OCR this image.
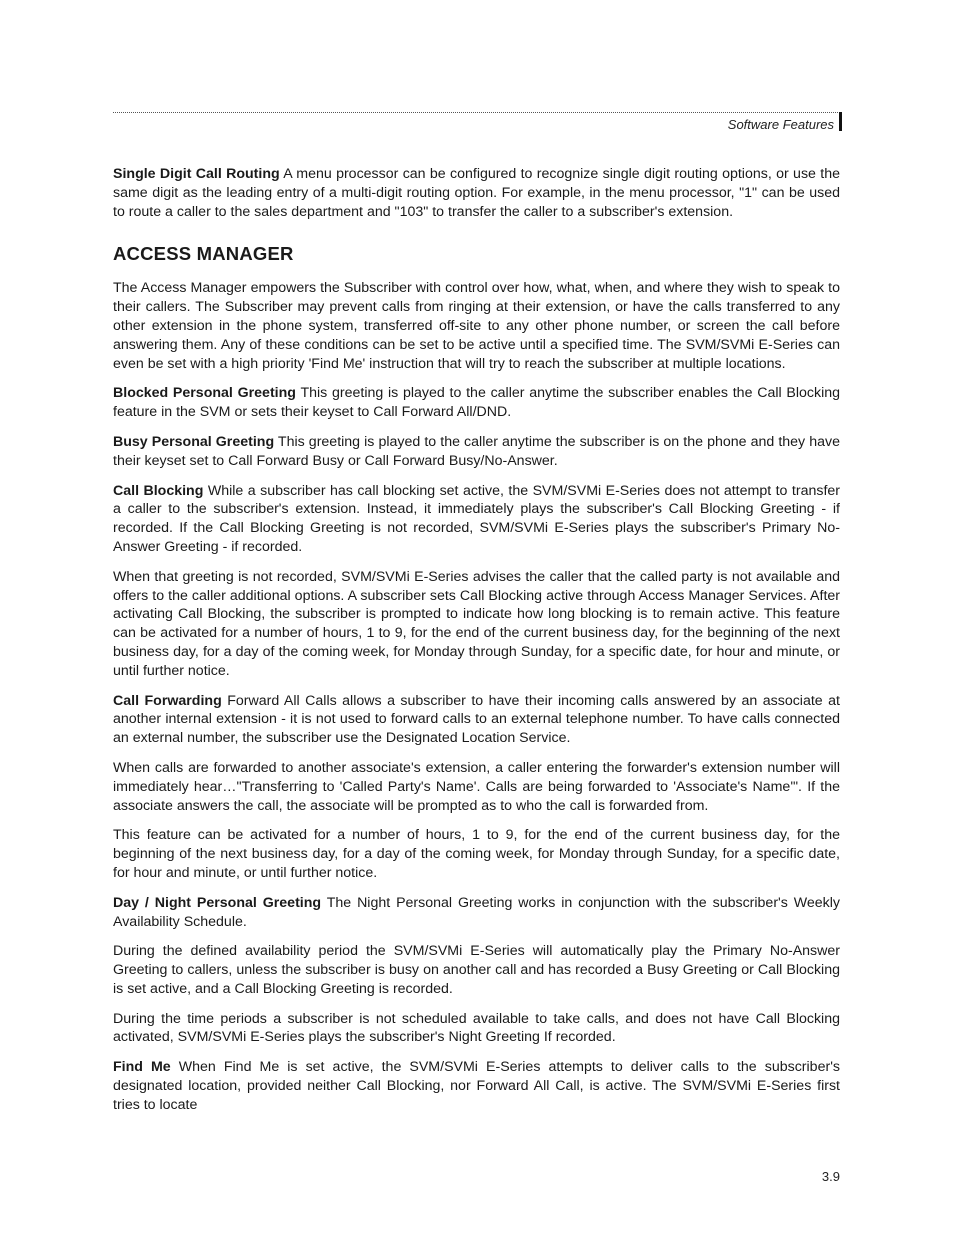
Software Features

Single Digit Call Routing A menu processor can be configured to recognize single digit routing options, or use the same digit as the leading entry of a multi-digit routing option. For example, in the menu processor, "1" can be used to route a caller to the sales department and "103" to transfer the caller to a subscriber's extension.

ACCESS MANAGER

The Access Manager empowers the Subscriber with control over how, what, when, and where they wish to speak to their callers. The Subscriber may prevent calls from ringing at their extension, or have the calls transferred to any other extension in the phone system, transferred off-site to any other phone number, or screen the call before answering them. Any of these conditions can be set to be active until a specified time. The SVM/SVMi E-Series can even be set with a high priority 'Find Me' instruction that will try to reach the subscriber at multiple locations.

Blocked Personal Greeting This greeting is played to the caller anytime the subscriber enables the Call Blocking feature in the SVM or sets their keyset to Call Forward All/DND.

Busy Personal Greeting This greeting is played to the caller anytime the subscriber is on the phone and they have their keyset set to Call Forward Busy or Call Forward Busy/No-Answer.

Call Blocking While a subscriber has call blocking set active, the SVM/SVMi E-Series does not attempt to transfer a caller to the subscriber's extension. Instead, it immediately plays the subscriber's Call Blocking Greeting - if recorded. If the Call Blocking Greeting is not recorded, SVM/SVMi E-Series plays the subscriber's Primary No-Answer Greeting - if recorded.

When that greeting is not recorded, SVM/SVMi E-Series advises the caller that the called party is not available and offers to the caller additional options. A subscriber sets Call Blocking active through Access Manager Services. After activating Call Blocking, the subscriber is prompted to indicate how long blocking is to remain active. This feature can be activated for a number of hours, 1 to 9, for the end of the current business day, for the beginning of the next business day, for a day of the coming week, for Monday through Sunday, for a specific date, for hour and minute, or until further notice.

Call Forwarding Forward All Calls allows a subscriber to have their incoming calls answered by an associate at another internal extension - it is not used to forward calls to an external telephone number. To have calls connected an external number, the subscriber use the Designated Location Service.

When calls are forwarded to another associate's extension, a caller entering the forwarder's extension number will immediately hear…"Transferring to 'Called Party's Name'. Calls are being forwarded to 'Associate's Name'". If the associate answers the call, the associate will be prompted as to who the call is forwarded from.

This feature can be activated for a number of hours, 1 to 9, for the end of the current business day, for the beginning of the next business day, for a day of the coming week, for Monday through Sunday, for a specific date, for hour and minute, or until further notice.

Day / Night Personal Greeting The Night Personal Greeting works in conjunction with the subscriber's Weekly Availability Schedule.

During the defined availability period the SVM/SVMi E-Series will automatically play the Primary No-Answer Greeting to callers, unless the subscriber is busy on another call and has recorded a Busy Greeting or Call Blocking is set active, and a Call Blocking Greeting is recorded.

During the time periods a subscriber is not scheduled available to take calls, and does not have Call Blocking activated, SVM/SVMi E-Series plays the subscriber's Night Greeting If recorded.

Find Me When Find Me is set active, the SVM/SVMi E-Series attempts to deliver calls to the subscriber's designated location, provided neither Call Blocking, nor Forward All Call, is active. The SVM/SVMi E-Series first tries to locate

3.9
